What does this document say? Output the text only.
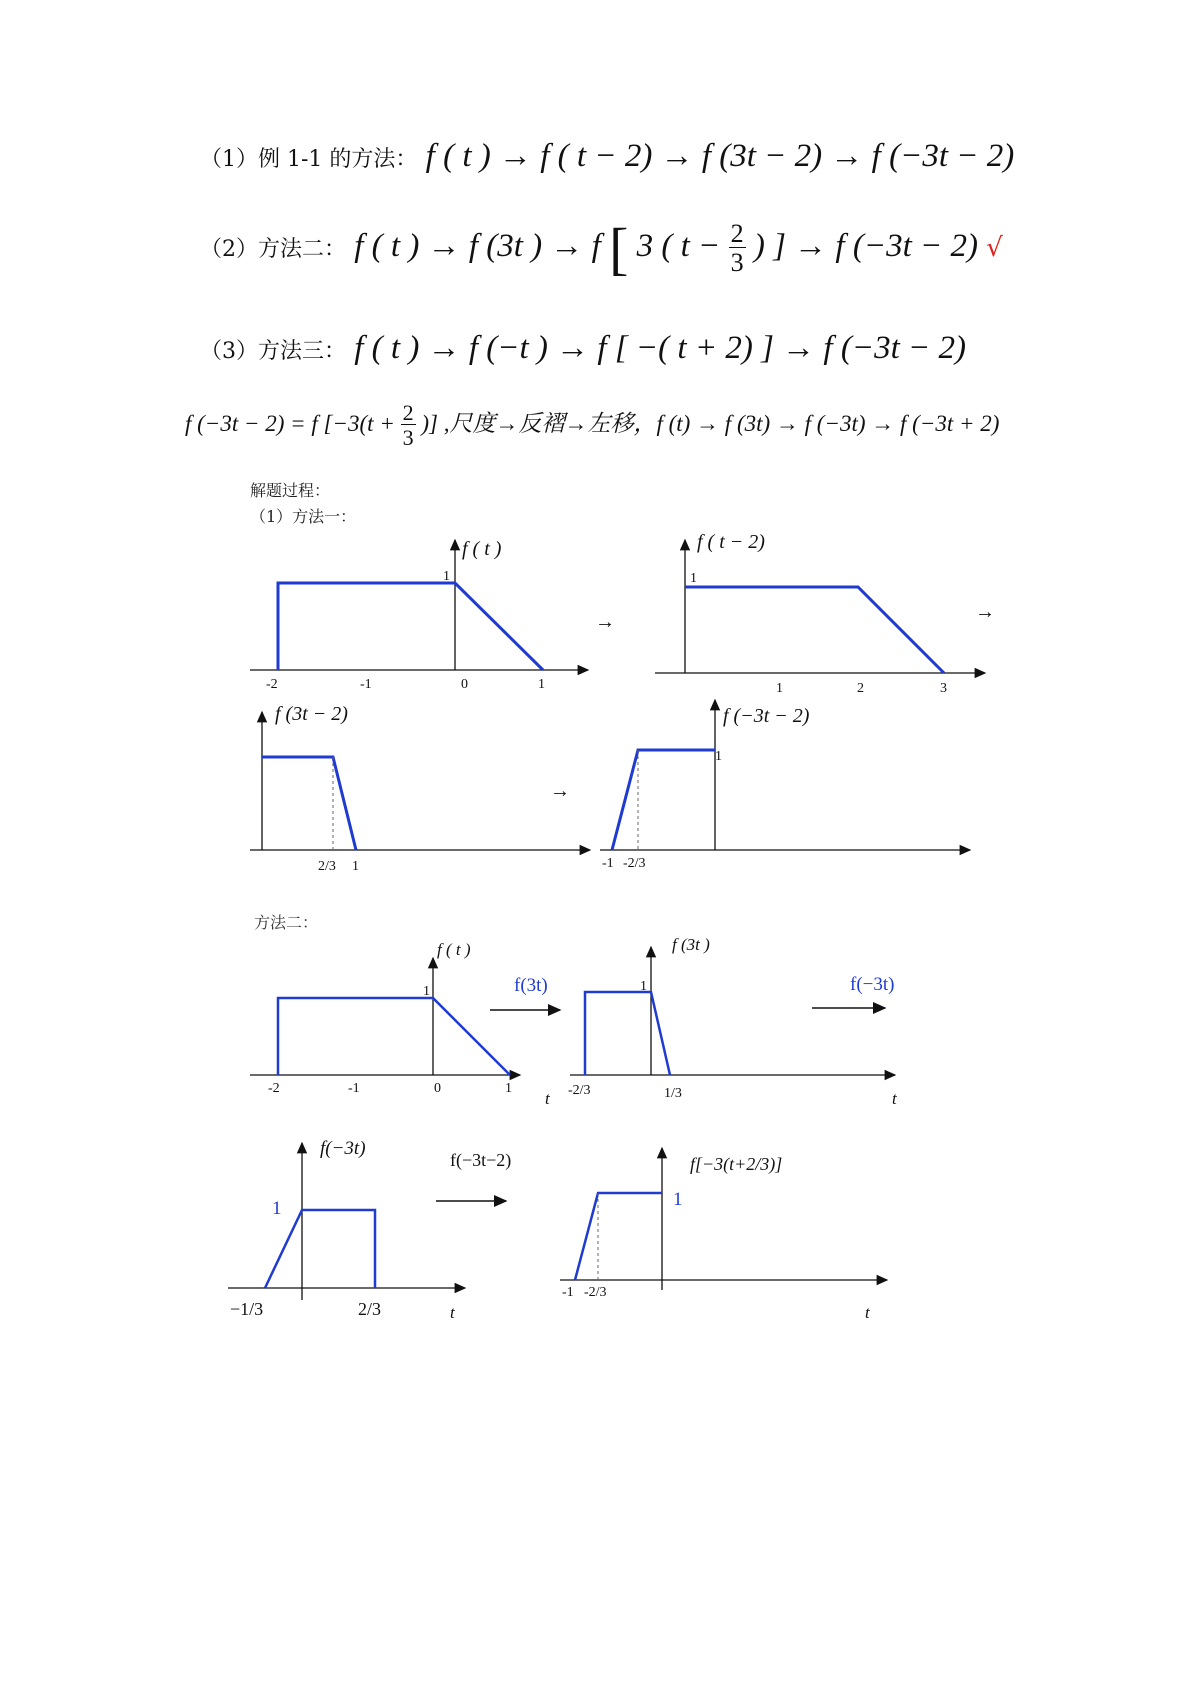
（1）例 1-1 的方法： f ( t ) → f ( t − 2) → f (3t − 2) → f (−3t − 2)
（2）方法二： f ( t ) → f (3t ) → f [ 3 ( $t - \frac{2}{3}$ ) ] → f (−3t − 2) √
（3）方法三： f ( t ) → f (−t ) → f [ −( t + 2) ] → f (−3t − 2)
f (−3t − 2) = f [$-3(t + \frac{2}{3}$ )] ,尺度→反褶→左移，f (t) → f (3t) → f (−3t) → f (−3t + 2)
解题过程：
（1）方法一：
f ( t )
1
-2	-1	0	1
→
f ( t − 2)
1
1	2	3
→
f (3t − 2)
2/3 1
→
f (−3t − 2)
1
-1 -2/3
方法二：
f ( t )
1
-2	-1	0	1
t
f(3t)
f (3t )
1
-2/3	1/3	t
f(−3t)
f(−3t)
1
−1/3	2/3	t
f(−3t−2)	f[−3(t+2/3)]
1
-1 -2/3
t
